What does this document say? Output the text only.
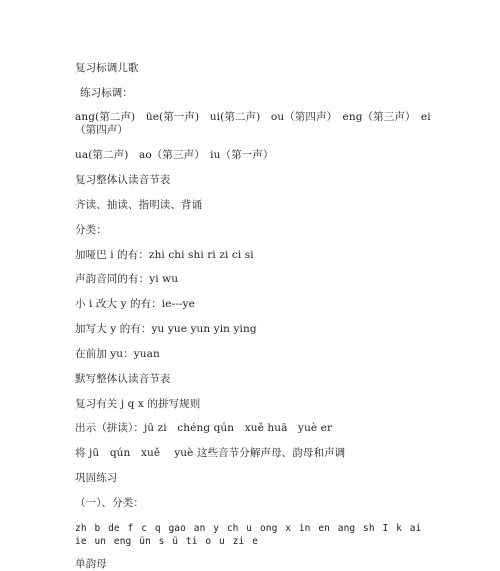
复习标调儿歌
练习标调：
ang(第二声)　üe(第一声)　ui(第二声)　ou（第四声）　eng（第三声）　ei（第四声）
ua(第二声)　ao（第三声）　iu（第一声）
复习整体认读音节表
齐读、抽读、指明读、背诵
分类：
加哑巴 i 的有：zhi chi shi ri zi ci si
声韵音同的有：yi wu
小 i 改大 y 的有：ie---ye
加写大 y 的有：yu yue yun yin ying
在前加 yu：yuan
默写整体认读音节表
复习有关 j q x 的拼写规则
出示（拼读）：jū zi　chéng qún　xuě huā　yuè er
将 jū　qún　xuě　 yuè 这些音节分解声母、韵母和声调
巩固练习
（一）、分类：
zh b de f c q gao an y ch u ong x in en ang sh I k ai ie un eng ün s ü ti o u zi e
单韵母
